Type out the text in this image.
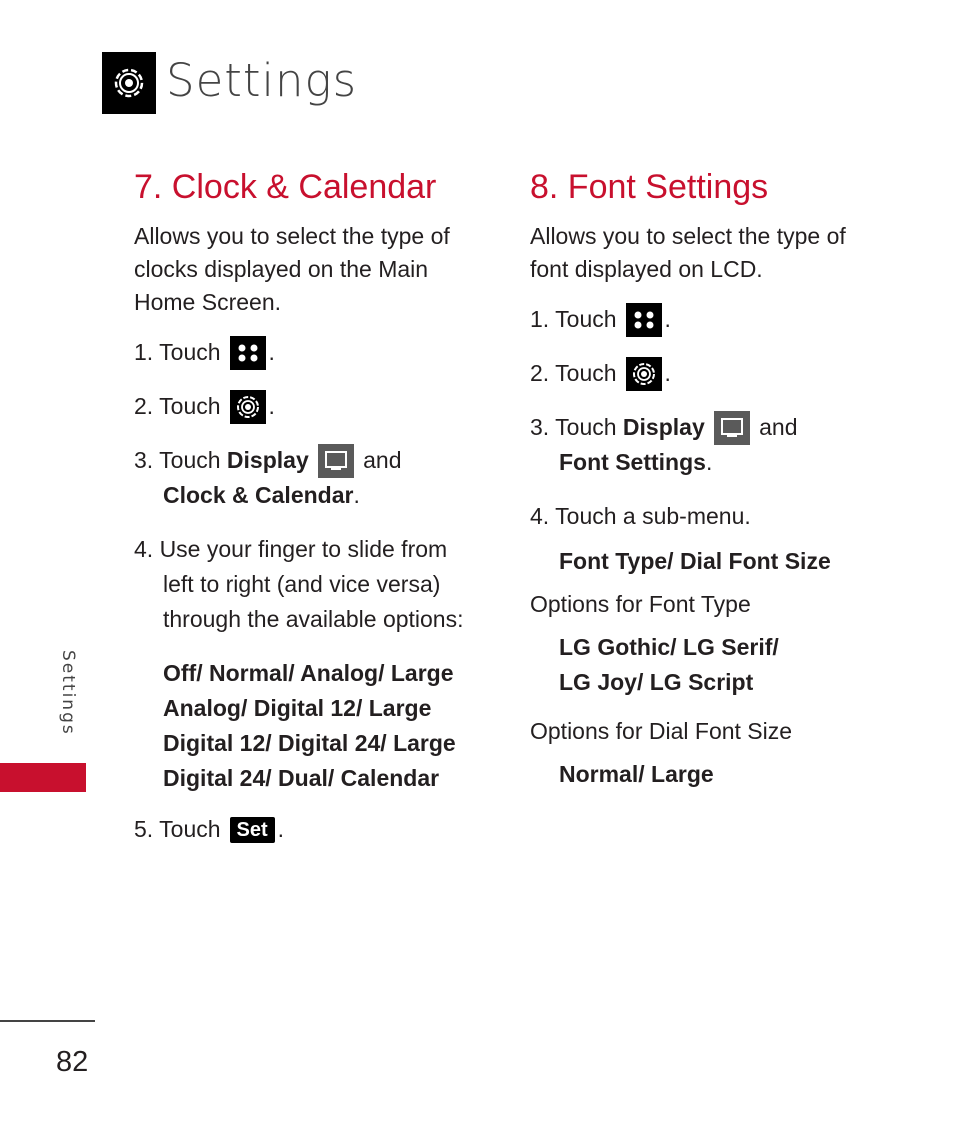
Settings
7. Clock & Calendar

Allows you to select the type of clocks displayed on the Main Home Screen.

1. Touch .
2. Touch .
3. Touch
Display
and
Clock & Calendar .
4. Use your finger to slide from
left to right (and vice versa)
through the available options:
Off/ Normal/ Analog/ Large
Analog/ Digital 12/ Large
Digital 12/ Digital 24/ Large
Digital 24/ Dual/ Calendar
5. Touch Set .
8. Font Settings

Allows you to select the type of font displayed on LCD.

1. Touch .
2. Touch .
3. Touch
Display
and
Font Settings .
4. Touch a sub-menu.
Font Type/ Dial Font Size
Options for Font Type
LG Gothic/ LG Serif/
LG Joy/ LG Script
Options for Dial Font Size
Normal/ Large
Settings
82
